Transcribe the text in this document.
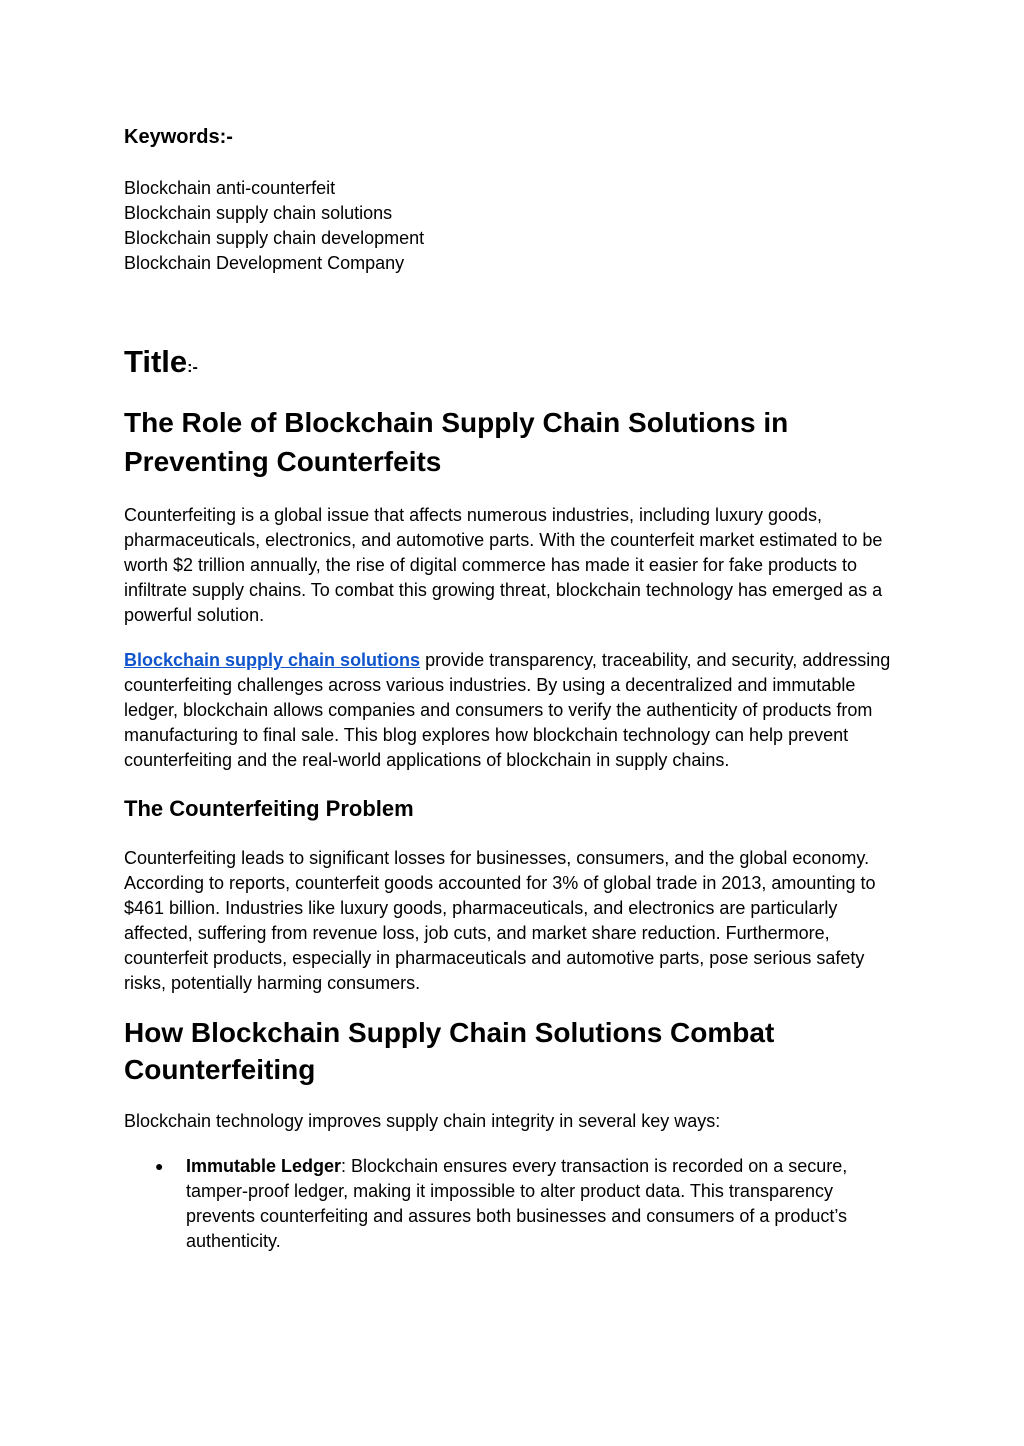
Keywords:-

Blockchain anti-counterfeit
Blockchain supply chain solutions
Blockchain supply chain development
Blockchain Development Company

Title:-

The Role of Blockchain Supply Chain Solutions in Preventing Counterfeits

Counterfeiting is a global issue that affects numerous industries, including luxury goods, pharmaceuticals, electronics, and automotive parts. With the counterfeit market estimated to be worth $2 trillion annually, the rise of digital commerce has made it easier for fake products to infiltrate supply chains. To combat this growing threat, blockchain technology has emerged as a powerful solution.

Blockchain supply chain solutions provide transparency, traceability, and security, addressing counterfeiting challenges across various industries. By using a decentralized and immutable ledger, blockchain allows companies and consumers to verify the authenticity of products from manufacturing to final sale. This blog explores how blockchain technology can help prevent counterfeiting and the real-world applications of blockchain in supply chains.

The Counterfeiting Problem

Counterfeiting leads to significant losses for businesses, consumers, and the global economy. According to reports, counterfeit goods accounted for 3% of global trade in 2013, amounting to $461 billion. Industries like luxury goods, pharmaceuticals, and electronics are particularly affected, suffering from revenue loss, job cuts, and market share reduction. Furthermore, counterfeit products, especially in pharmaceuticals and automotive parts, pose serious safety risks, potentially harming consumers.

How Blockchain Supply Chain Solutions Combat Counterfeiting

Blockchain technology improves supply chain integrity in several key ways:

● Immutable Ledger: Blockchain ensures every transaction is recorded on a secure, tamper-proof ledger, making it impossible to alter product data. This transparency prevents counterfeiting and assures both businesses and consumers of a product’s authenticity.
